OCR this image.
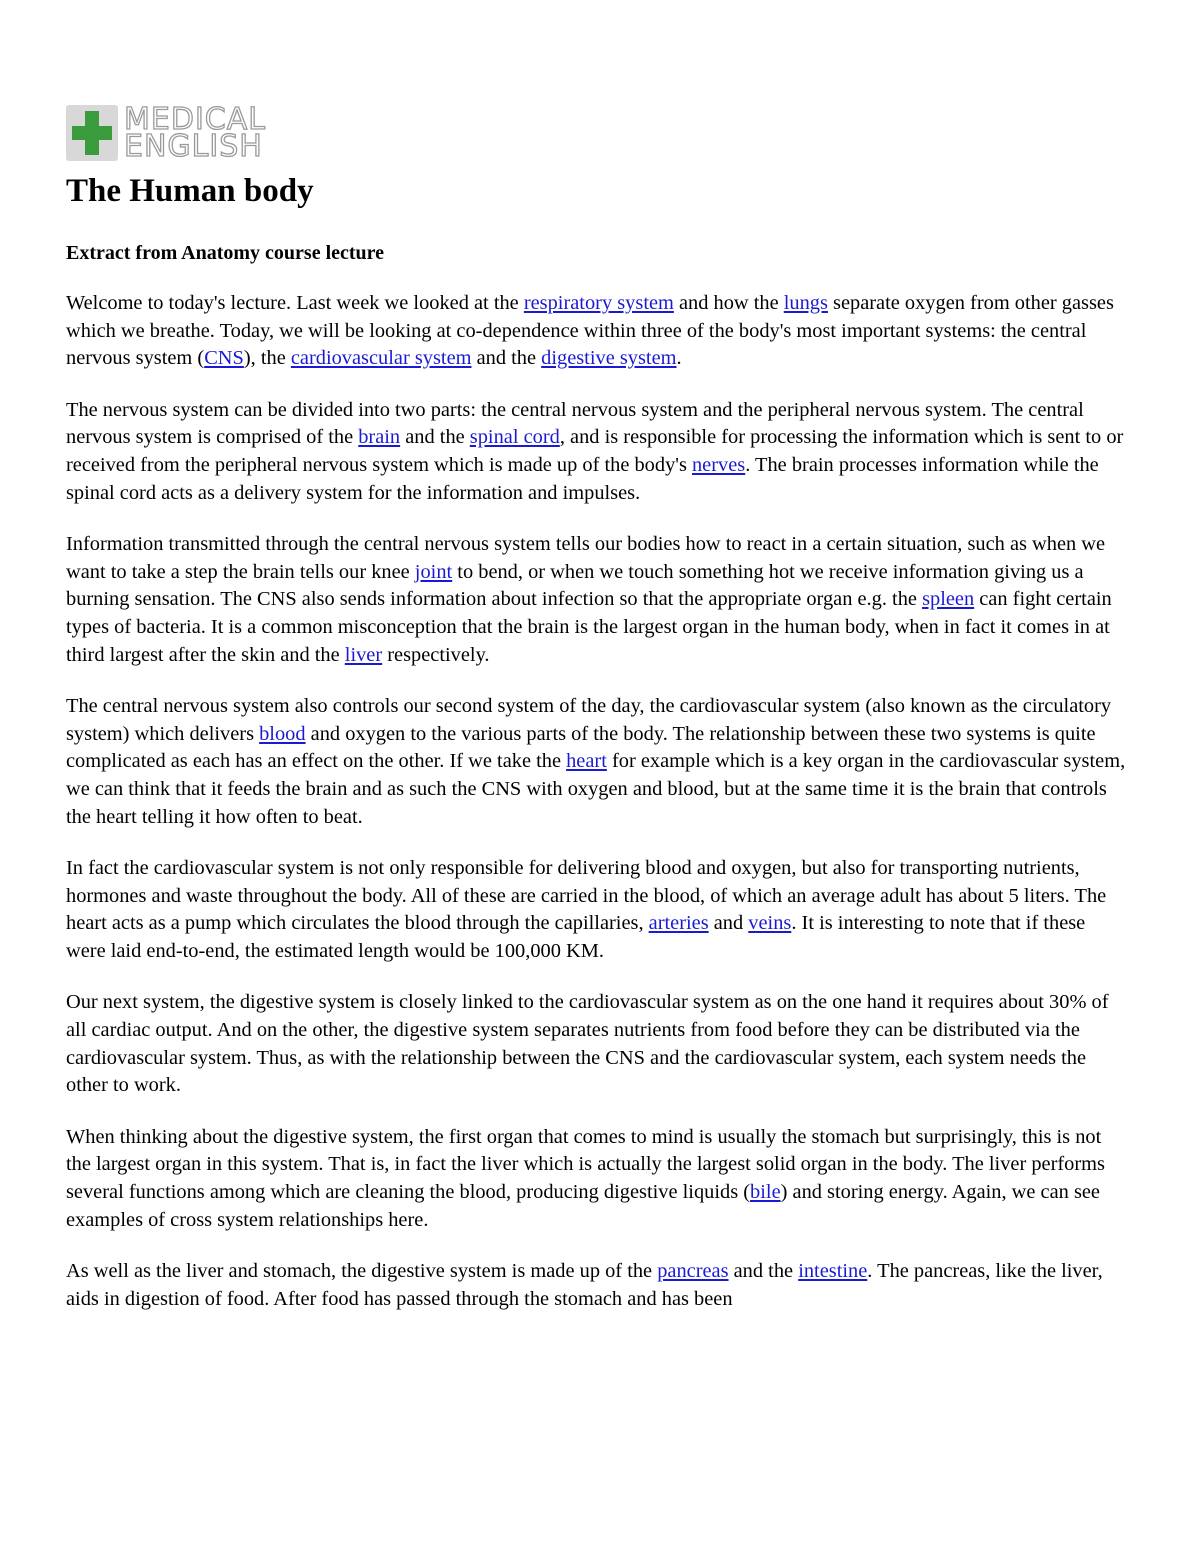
MEDICAL
ENGLISH
The Human body
Extract from Anatomy course lecture

Welcome to today's lecture. Last week we looked at the respiratory system and how the lungs separate oxygen from other gasses which we breathe. Today, we will be looking at co-dependence within three of the body's most important systems: the central nervous system (CNS), the cardiovascular system and the digestive system.

The nervous system can be divided into two parts: the central nervous system and the peripheral nervous system. The central nervous system is comprised of the brain and the spinal cord, and is responsible for processing the information which is sent to or received from the peripheral nervous system which is made up of the body's nerves. The brain processes information while the spinal cord acts as a delivery system for the information and impulses.

Information transmitted through the central nervous system tells our bodies how to react in a certain situation, such as when we want to take a step the brain tells our knee joint to bend, or when we touch something hot we receive information giving us a burning sensation. The CNS also sends information about infection so that the appropriate organ e.g. the spleen can fight certain types of bacteria. It is a common misconception that the brain is the largest organ in the human body, when in fact it comes in at third largest after the skin and the liver respectively.

The central nervous system also controls our second system of the day, the cardiovascular system (also known as the circulatory system) which delivers blood and oxygen to the various parts of the body. The relationship between these two systems is quite complicated as each has an effect on the other. If we take the heart for example which is a key organ in the cardiovascular system, we can think that it feeds the brain and as such the CNS with oxygen and blood, but at the same time it is the brain that controls the heart telling it how often to beat.

In fact the cardiovascular system is not only responsible for delivering blood and oxygen, but also for transporting nutrients, hormones and waste throughout the body. All of these are carried in the blood, of which an average adult has about 5 liters. The heart acts as a pump which circulates the blood through the capillaries, arteries and veins. It is interesting to note that if these were laid end-to-end, the estimated length would be 100,000 KM.

Our next system, the digestive system is closely linked to the cardiovascular system as on the one hand it requires about 30% of all cardiac output. And on the other, the digestive system separates nutrients from food before they can be distributed via the cardiovascular system. Thus, as with the relationship between the CNS and the cardiovascular system, each system needs the other to work.

When thinking about the digestive system, the first organ that comes to mind is usually the stomach but surprisingly, this is not the largest organ in this system. That is, in fact the liver which is actually the largest solid organ in the body. The liver performs several functions among which are cleaning the blood, producing digestive liquids (bile) and storing energy. Again, we can see examples of cross system relationships here.

As well as the liver and stomach, the digestive system is made up of the pancreas and the intestine. The pancreas, like the liver, aids in digestion of food. After food has passed through the stomach and has been
